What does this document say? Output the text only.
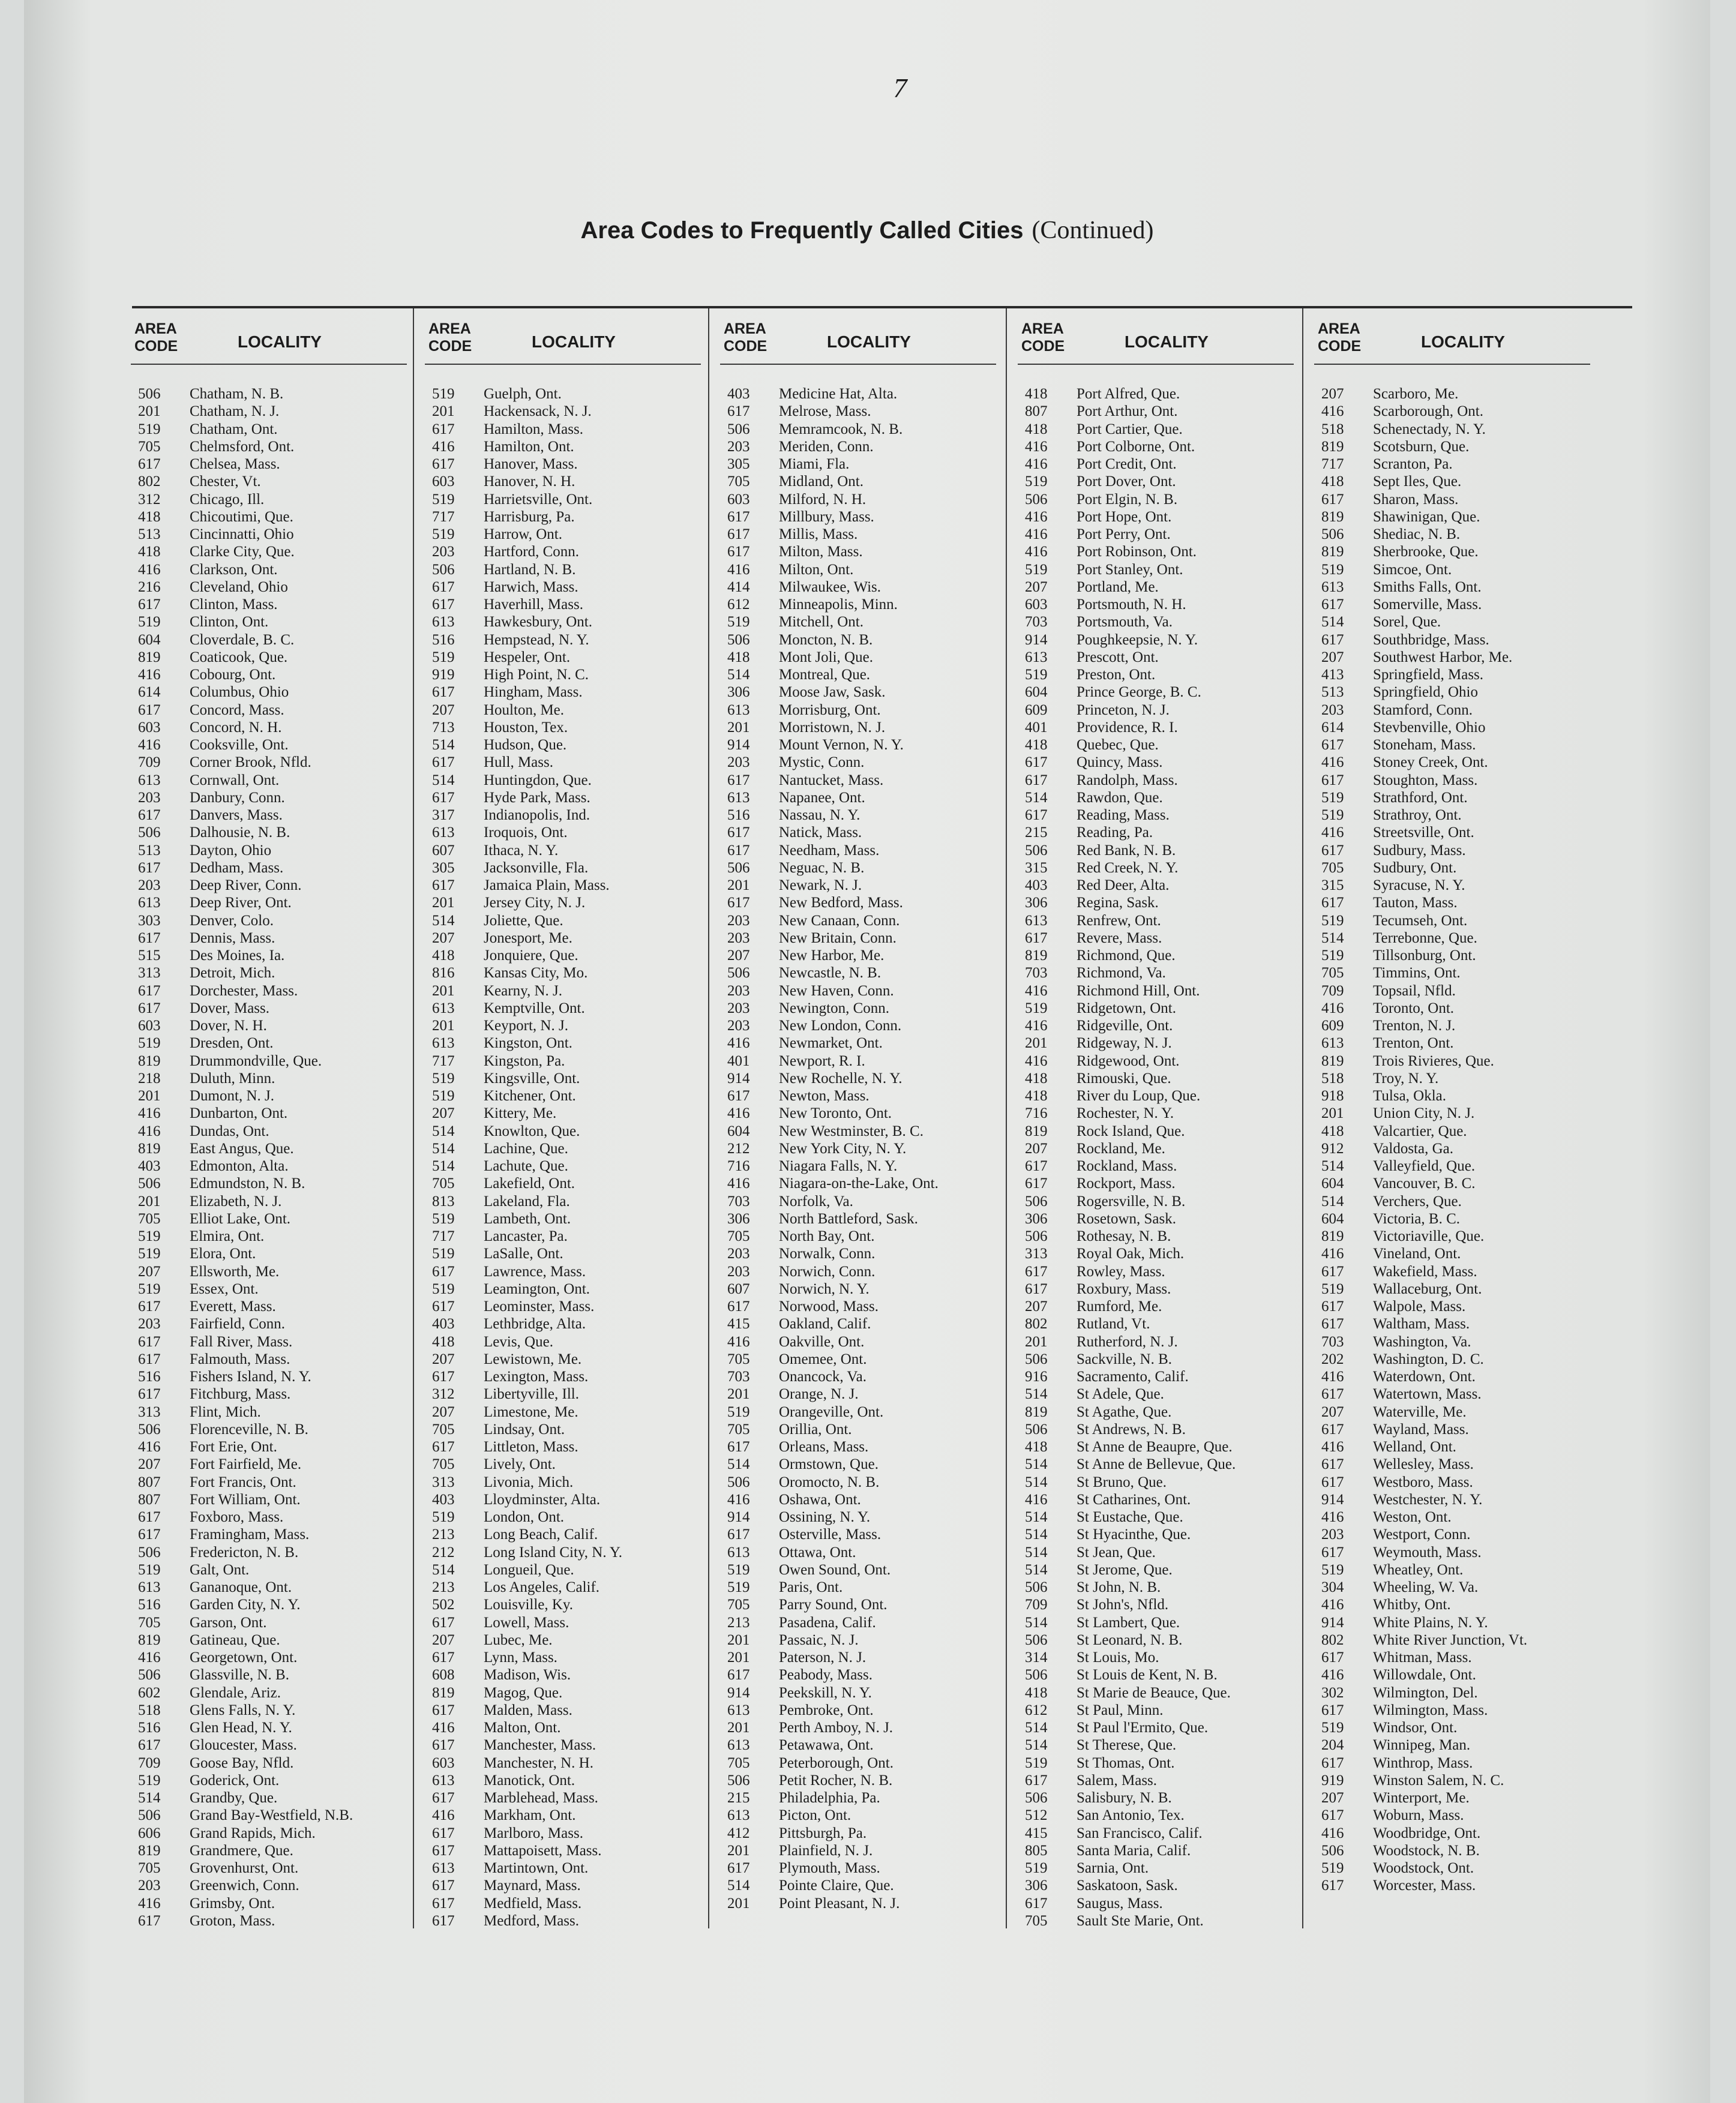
7
Area Codes to Frequently Called Cities (Continued)
AREA CODE	LOCALITY
506	Chatham, N. B.
201	Chatham, N. J.
519	Chatham, Ont.
705	Chelmsford, Ont.
617	Chelsea, Mass.
802	Chester, Vt.
312	Chicago, Ill.
418	Chicoutimi, Que.
513	Cincinnatti, Ohio
418	Clarke City, Que.
416	Clarkson, Ont.
216	Cleveland, Ohio
617	Clinton, Mass.
519	Clinton, Ont.
604	Cloverdale, B. C.
819	Coaticook, Que.
416	Cobourg, Ont.
614	Columbus, Ohio
617	Concord, Mass.
603	Concord, N. H.
416	Cooksville, Ont.
709	Corner Brook, Nfld.
613	Cornwall, Ont.
203	Danbury, Conn.
617	Danvers, Mass.
506	Dalhousie, N. B.
513	Dayton, Ohio
617	Dedham, Mass.
203	Deep River, Conn.
613	Deep River, Ont.
303	Denver, Colo.
617	Dennis, Mass.
515	Des Moines, Ia.
313	Detroit, Mich.
617	Dorchester, Mass.
617	Dover, Mass.
603	Dover, N. H.
519	Dresden, Ont.
819	Drummondville, Que.
218	Duluth, Minn.
201	Dumont, N. J.
416	Dunbarton, Ont.
416	Dundas, Ont.
819	East Angus, Que.
403	Edmonton, Alta.
506	Edmundston, N. B.
201	Elizabeth, N. J.
705	Elliot Lake, Ont.
519	Elmira, Ont.
519	Elora, Ont.
207	Ellsworth, Me.
519	Essex, Ont.
617	Everett, Mass.
203	Fairfield, Conn.
617	Fall River, Mass.
617	Falmouth, Mass.
516	Fishers Island, N. Y.
617	Fitchburg, Mass.
313	Flint, Mich.
506	Florenceville, N. B.
416	Fort Erie, Ont.
207	Fort Fairfield, Me.
807	Fort Francis, Ont.
807	Fort William, Ont.
617	Foxboro, Mass.
617	Framingham, Mass.
506	Fredericton, N. B.
519	Galt, Ont.
613	Gananoque, Ont.
516	Garden City, N. Y.
705	Garson, Ont.
819	Gatineau, Que.
416	Georgetown, Ont.
506	Glassville, N. B.
602	Glendale, Ariz.
518	Glens Falls, N. Y.
516	Glen Head, N. Y.
617	Gloucester, Mass.
709	Goose Bay, Nfld.
519	Goderick, Ont.
514	Grandby, Que.
506	Grand Bay-Westfield, N.B.
606	Grand Rapids, Mich.
819	Grandmere, Que.
705	Grovenhurst, Ont.
203	Greenwich, Conn.
416	Grimsby, Ont.
617	Groton, Mass.
AREA CODE	LOCALITY
519	Guelph, Ont.
201	Hackensack, N. J.
617	Hamilton, Mass.
416	Hamilton, Ont.
617	Hanover, Mass.
603	Hanover, N. H.
519	Harrietsville, Ont.
717	Harrisburg, Pa.
519	Harrow, Ont.
203	Hartford, Conn.
506	Hartland, N. B.
617	Harwich, Mass.
617	Haverhill, Mass.
613	Hawkesbury, Ont.
516	Hempstead, N. Y.
519	Hespeler, Ont.
919	High Point, N. C.
617	Hingham, Mass.
207	Houlton, Me.
713	Houston, Tex.
514	Hudson, Que.
617	Hull, Mass.
514	Huntingdon, Que.
617	Hyde Park, Mass.
317	Indianopolis, Ind.
613	Iroquois, Ont.
607	Ithaca, N. Y.
305	Jacksonville, Fla.
617	Jamaica Plain, Mass.
201	Jersey City, N. J.
514	Joliette, Que.
207	Jonesport, Me.
418	Jonquiere, Que.
816	Kansas City, Mo.
201	Kearny, N. J.
613	Kemptville, Ont.
201	Keyport, N. J.
613	Kingston, Ont.
717	Kingston, Pa.
519	Kingsville, Ont.
519	Kitchener, Ont.
207	Kittery, Me.
514	Knowlton, Que.
514	Lachine, Que.
514	Lachute, Que.
705	Lakefield, Ont.
813	Lakeland, Fla.
519	Lambeth, Ont.
717	Lancaster, Pa.
519	LaSalle, Ont.
617	Lawrence, Mass.
519	Leamington, Ont.
617	Leominster, Mass.
403	Lethbridge, Alta.
418	Levis, Que.
207	Lewistown, Me.
617	Lexington, Mass.
312	Libertyville, Ill.
207	Limestone, Me.
705	Lindsay, Ont.
617	Littleton, Mass.
705	Lively, Ont.
313	Livonia, Mich.
403	Lloydminster, Alta.
519	London, Ont.
213	Long Beach, Calif.
212	Long Island City, N. Y.
514	Longueil, Que.
213	Los Angeles, Calif.
502	Louisville, Ky.
617	Lowell, Mass.
207	Lubec, Me.
617	Lynn, Mass.
608	Madison, Wis.
819	Magog, Que.
617	Malden, Mass.
416	Malton, Ont.
617	Manchester, Mass.
603	Manchester, N. H.
613	Manotick, Ont.
617	Marblehead, Mass.
416	Markham, Ont.
617	Marlboro, Mass.
617	Mattapoisett, Mass.
613	Martintown, Ont.
617	Maynard, Mass.
617	Medfield, Mass.
617	Medford, Mass.
AREA CODE	LOCALITY
403	Medicine Hat, Alta.
617	Melrose, Mass.
506	Memramcook, N. B.
203	Meriden, Conn.
305	Miami, Fla.
705	Midland, Ont.
603	Milford, N. H.
617	Millbury, Mass.
617	Millis, Mass.
617	Milton, Mass.
416	Milton, Ont.
414	Milwaukee, Wis.
612	Minneapolis, Minn.
519	Mitchell, Ont.
506	Moncton, N. B.
418	Mont Joli, Que.
514	Montreal, Que.
306	Moose Jaw, Sask.
613	Morrisburg, Ont.
201	Morristown, N. J.
914	Mount Vernon, N. Y.
203	Mystic, Conn.
617	Nantucket, Mass.
613	Napanee, Ont.
516	Nassau, N. Y.
617	Natick, Mass.
617	Needham, Mass.
506	Neguac, N. B.
201	Newark, N. J.
617	New Bedford, Mass.
203	New Canaan, Conn.
203	New Britain, Conn.
207	New Harbor, Me.
506	Newcastle, N. B.
203	New Haven, Conn.
203	Newington, Conn.
203	New London, Conn.
416	Newmarket, Ont.
401	Newport, R. I.
914	New Rochelle, N. Y.
617	Newton, Mass.
416	New Toronto, Ont.
604	New Westminster, B. C.
212	New York City, N. Y.
716	Niagara Falls, N. Y.
416	Niagara-on-the-Lake, Ont.
703	Norfolk, Va.
306	North Battleford, Sask.
705	North Bay, Ont.
203	Norwalk, Conn.
203	Norwich, Conn.
607	Norwich, N. Y.
617	Norwood, Mass.
415	Oakland, Calif.
416	Oakville, Ont.
705	Omemee, Ont.
703	Onancock, Va.
201	Orange, N. J.
519	Orangeville, Ont.
705	Orillia, Ont.
617	Orleans, Mass.
514	Ormstown, Que.
506	Oromocto, N. B.
416	Oshawa, Ont.
914	Ossining, N. Y.
617	Osterville, Mass.
613	Ottawa, Ont.
519	Owen Sound, Ont.
519	Paris, Ont.
705	Parry Sound, Ont.
213	Pasadena, Calif.
201	Passaic, N. J.
201	Paterson, N. J.
617	Peabody, Mass.
914	Peekskill, N. Y.
613	Pembroke, Ont.
201	Perth Amboy, N. J.
613	Petawawa, Ont.
705	Peterborough, Ont.
506	Petit Rocher, N. B.
215	Philadelphia, Pa.
613	Picton, Ont.
412	Pittsburgh, Pa.
201	Plainfield, N. J.
617	Plymouth, Mass.
514	Pointe Claire, Que.
201	Point Pleasant, N. J.
AREA CODE	LOCALITY
418	Port Alfred, Que.
807	Port Arthur, Ont.
418	Port Cartier, Que.
416	Port Colborne, Ont.
416	Port Credit, Ont.
519	Port Dover, Ont.
506	Port Elgin, N. B.
416	Port Hope, Ont.
416	Port Perry, Ont.
416	Port Robinson, Ont.
519	Port Stanley, Ont.
207	Portland, Me.
603	Portsmouth, N. H.
703	Portsmouth, Va.
914	Poughkeepsie, N. Y.
613	Prescott, Ont.
519	Preston, Ont.
604	Prince George, B. C.
609	Princeton, N. J.
401	Providence, R. I.
418	Quebec, Que.
617	Quincy, Mass.
617	Randolph, Mass.
514	Rawdon, Que.
617	Reading, Mass.
215	Reading, Pa.
506	Red Bank, N. B.
315	Red Creek, N. Y.
403	Red Deer, Alta.
306	Regina, Sask.
613	Renfrew, Ont.
617	Revere, Mass.
819	Richmond, Que.
703	Richmond, Va.
416	Richmond Hill, Ont.
519	Ridgetown, Ont.
416	Ridgeville, Ont.
201	Ridgeway, N. J.
416	Ridgewood, Ont.
418	Rimouski, Que.
418	River du Loup, Que.
716	Rochester, N. Y.
819	Rock Island, Que.
207	Rockland, Me.
617	Rockland, Mass.
617	Rockport, Mass.
506	Rogersville, N. B.
306	Rosetown, Sask.
506	Rothesay, N. B.
313	Royal Oak, Mich.
617	Rowley, Mass.
617	Roxbury, Mass.
207	Rumford, Me.
802	Rutland, Vt.
201	Rutherford, N. J.
506	Sackville, N. B.
916	Sacramento, Calif.
514	St Adele, Que.
819	St Agathe, Que.
506	St Andrews, N. B.
418	St Anne de Beaupre, Que.
514	St Anne de Bellevue, Que.
514	St Bruno, Que.
416	St Catharines, Ont.
514	St Eustache, Que.
514	St Hyacinthe, Que.
514	St Jean, Que.
514	St Jerome, Que.
506	St John, N. B.
709	St John's, Nfld.
514	St Lambert, Que.
506	St Leonard, N. B.
314	St Louis, Mo.
506	St Louis de Kent, N. B.
418	St Marie de Beauce, Que.
612	St Paul, Minn.
514	St Paul l'Ermito, Que.
514	St Therese, Que.
519	St Thomas, Ont.
617	Salem, Mass.
506	Salisbury, N. B.
512	San Antonio, Tex.
415	San Francisco, Calif.
805	Santa Maria, Calif.
519	Sarnia, Ont.
306	Saskatoon, Sask.
617	Saugus, Mass.
705	Sault Ste Marie, Ont.
AREA CODE	LOCALITY
207	Scarboro, Me.
416	Scarborough, Ont.
518	Schenectady, N. Y.
819	Scotsburn, Que.
717	Scranton, Pa.
418	Sept Iles, Que.
617	Sharon, Mass.
819	Shawinigan, Que.
506	Shediac, N. B.
819	Sherbrooke, Que.
519	Simcoe, Ont.
613	Smiths Falls, Ont.
617	Somerville, Mass.
514	Sorel, Que.
617	Southbridge, Mass.
207	Southwest Harbor, Me.
413	Springfield, Mass.
513	Springfield, Ohio
203	Stamford, Conn.
614	Stevbenville, Ohio
617	Stoneham, Mass.
416	Stoney Creek, Ont.
617	Stoughton, Mass.
519	Strathford, Ont.
519	Strathroy, Ont.
416	Streetsville, Ont.
617	Sudbury, Mass.
705	Sudbury, Ont.
315	Syracuse, N. Y.
617	Tauton, Mass.
519	Tecumseh, Ont.
514	Terrebonne, Que.
519	Tillsonburg, Ont.
705	Timmins, Ont.
709	Topsail, Nfld.
416	Toronto, Ont.
609	Trenton, N. J.
613	Trenton, Ont.
819	Trois Rivieres, Que.
518	Troy, N. Y.
918	Tulsa, Okla.
201	Union City, N. J.
418	Valcartier, Que.
912	Valdosta, Ga.
514	Valleyfield, Que.
604	Vancouver, B. C.
514	Verchers, Que.
604	Victoria, B. C.
819	Victoriaville, Que.
416	Vineland, Ont.
617	Wakefield, Mass.
519	Wallaceburg, Ont.
617	Walpole, Mass.
617	Waltham, Mass.
703	Washington, Va.
202	Washington, D. C.
416	Waterdown, Ont.
617	Watertown, Mass.
207	Waterville, Me.
617	Wayland, Mass.
416	Welland, Ont.
617	Wellesley, Mass.
617	Westboro, Mass.
914	Westchester, N. Y.
416	Weston, Ont.
203	Westport, Conn.
617	Weymouth, Mass.
519	Wheatley, Ont.
304	Wheeling, W. Va.
416	Whitby, Ont.
914	White Plains, N. Y.
802	White River Junction, Vt.
617	Whitman, Mass.
416	Willowdale, Ont.
302	Wilmington, Del.
617	Wilmington, Mass.
519	Windsor, Ont.
204	Winnipeg, Man.
617	Winthrop, Mass.
919	Winston Salem, N. C.
207	Winterport, Me.
617	Woburn, Mass.
416	Woodbridge, Ont.
506	Woodstock, N. B.
519	Woodstock, Ont.
617	Worcester, Mass.
